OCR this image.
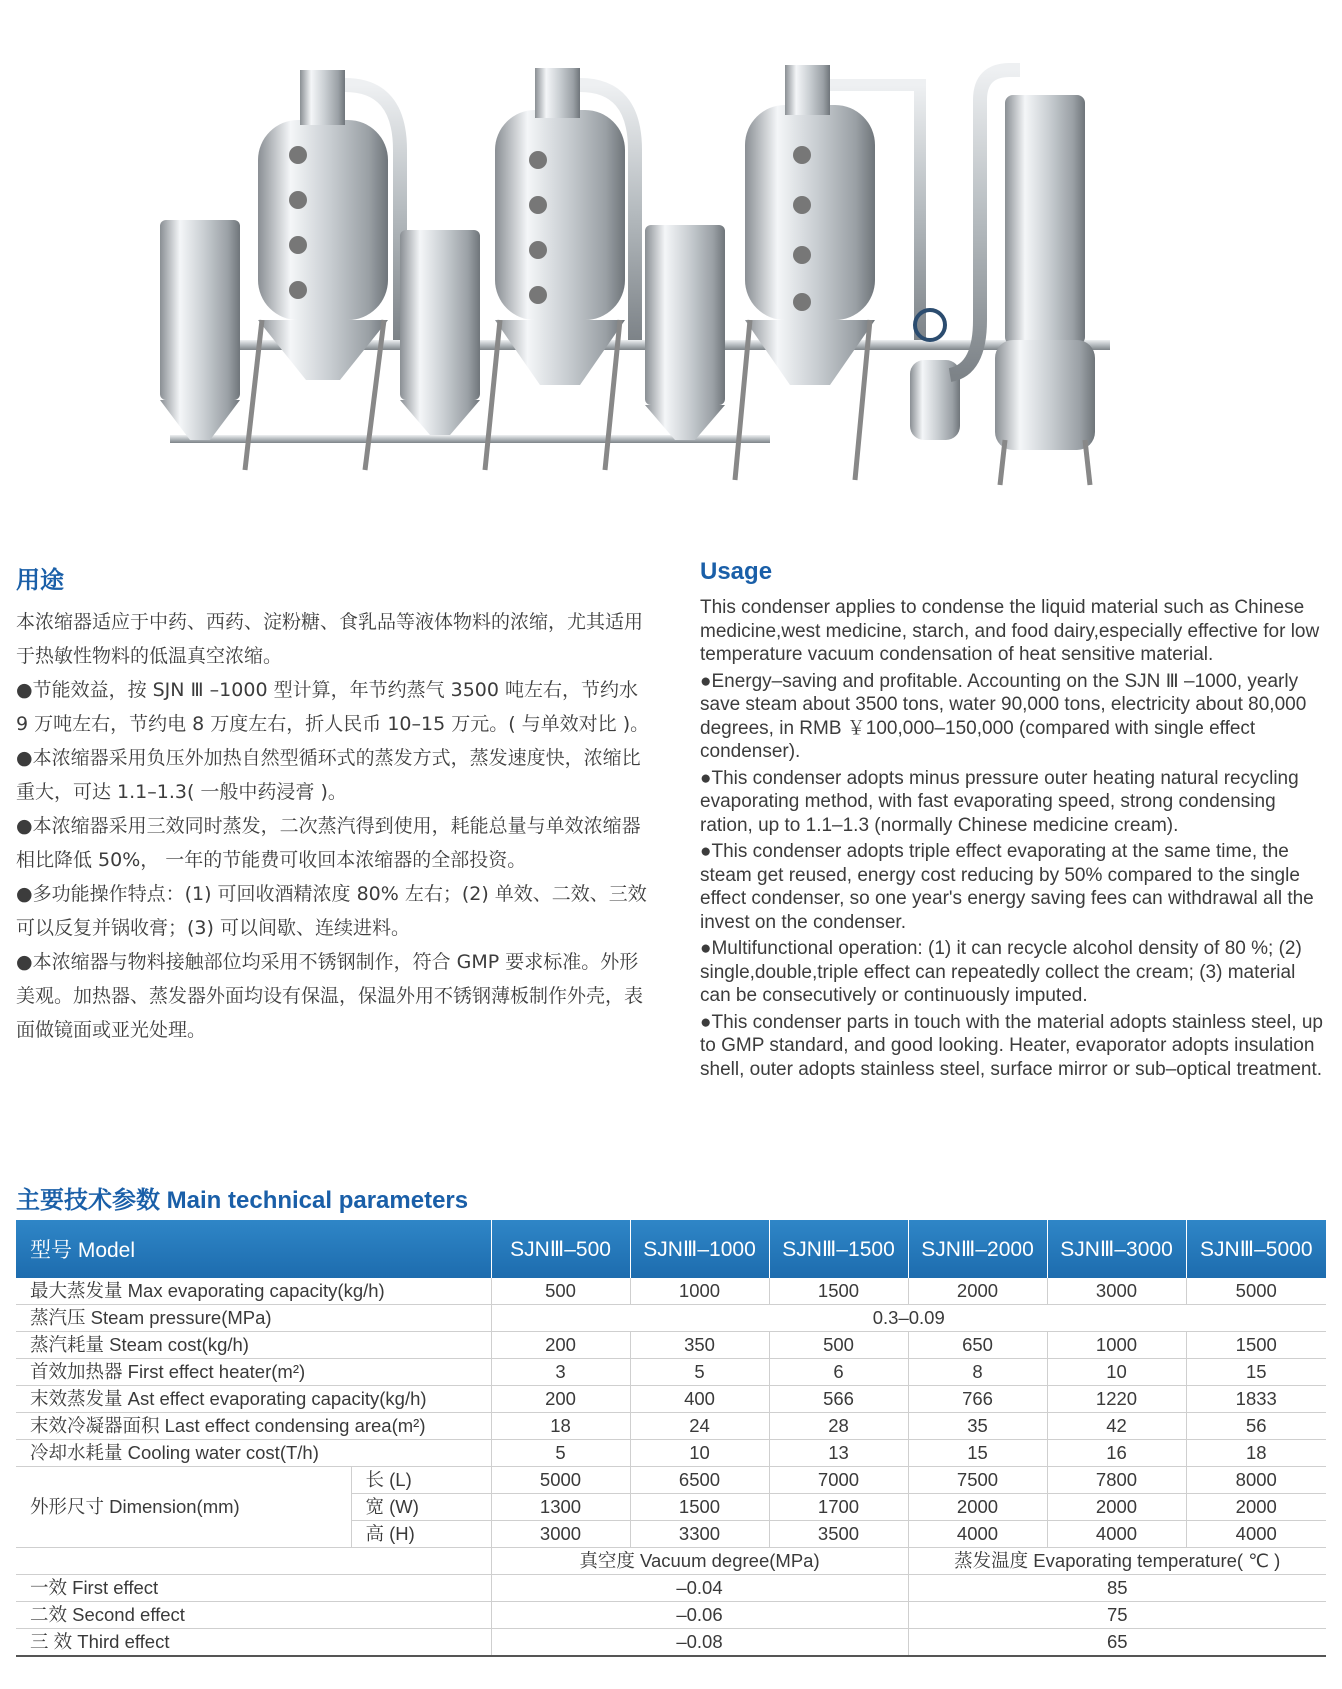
用途

本浓缩器适应于中药、西药、淀粉糖、食乳品等液体物料的浓缩，尤其适用于热敏性物料的低温真空浓缩。

●节能效益，按 SJN Ⅲ –1000 型计算，年节约蒸气 3500 吨左右，节约水 9 万吨左右，节约电 8 万度左右，折人民币 10–15 万元。( 与单效对比 )。

●本浓缩器采用负压外加热自然型循环式的蒸发方式，蒸发速度快，浓缩比重大，可达 1.1–1.3( 一般中药浸膏 )。

●本浓缩器采用三效同时蒸发，二次蒸汽得到使用，耗能总量与单效浓缩器相比降低 50%， 一年的节能费可收回本浓缩器的全部投资。

●多功能操作特点：(1) 可回收酒精浓度 80% 左右；(2) 单效、二效、三效可以反复并锅收膏；(3) 可以间歇、连续进料。

●本浓缩器与物料接触部位均采用不锈钢制作，符合 GMP 要求标准。外形美观。加热器、蒸发器外面均设有保温，保温外用不锈钢薄板制作外壳，表面做镜面或亚光处理。

Usage

This condenser applies to condense the liquid material such as Chinese medicine,west medicine, starch, and food dairy,especially effective for low temperature vacuum condensation of heat sensitive material.

●Energy–saving and profitable. Accounting on the SJN Ⅲ –1000, yearly save steam about 3500 tons, water 90,000 tons, electricity about 80,000 degrees, in RMB ￥100,000–150,000 (compared with single effect condenser).

●This condenser adopts minus pressure outer heating natural recycling evaporating method, with fast evaporating speed, strong condensing ration, up to 1.1–1.3 (normally Chinese medicine cream).

●This condenser adopts triple effect evaporating at the same time, the steam get reused, energy cost reducing by 50% compared to the single effect condenser, so one year's energy saving fees can withdrawal all the invest on the condenser.

●Multifunctional operation: (1) it can recycle alcohol density of 80 %; (2) single,double,triple effect can repeatedly collect the cream; (3) material can be consecutively or continuously imputed.

●This condenser parts in touch with the material adopts stainless steel, up to GMP standard, and good looking. Heater, evaporator adopts insulation shell, outer adopts stainless steel, surface mirror or sub–optical treatment.

主要技术参数 Main technical parameters
型号 Model		SJNⅢ–500	SJNⅢ–1000	SJNⅢ–1500	SJNⅢ–2000	SJNⅢ–3000	SJNⅢ–5000
最大蒸发量 Max evaporating capacity(kg/h)		500	1000	1500	2000	3000	5000
蒸汽压 Steam pressure(MPa)		0.3–0.09					
蒸汽耗量 Steam cost(kg/h)		200	350	500	650	1000	1500
首效加热器 First effect heater(m²)		3	5	6	8	10	15
末效蒸发量 Ast effect evaporating capacity(kg/h)		200	400	566	766	1220	1833
末效冷凝器面积 Last effect condensing area(m²)		18	24	28	35	42	56
冷却水耗量 Cooling water cost(T/h)		5	10	13	15	16	18
外形尺寸 Dimension(mm)	长 (L)	5000	6500	7000	7500	7800	8000
	宽 (W)	1300	1500	1700	2000	2000	2000
	高 (H)	3000	3300	3500	4000	4000	4000
		真空度 Vacuum degree(MPa)			蒸发温度 Evaporating temperature( ℃ )		
一效 First effect		–0.04			85		
二效 Second effect		–0.06			75		
三 效 Third effect		–0.08			65		
